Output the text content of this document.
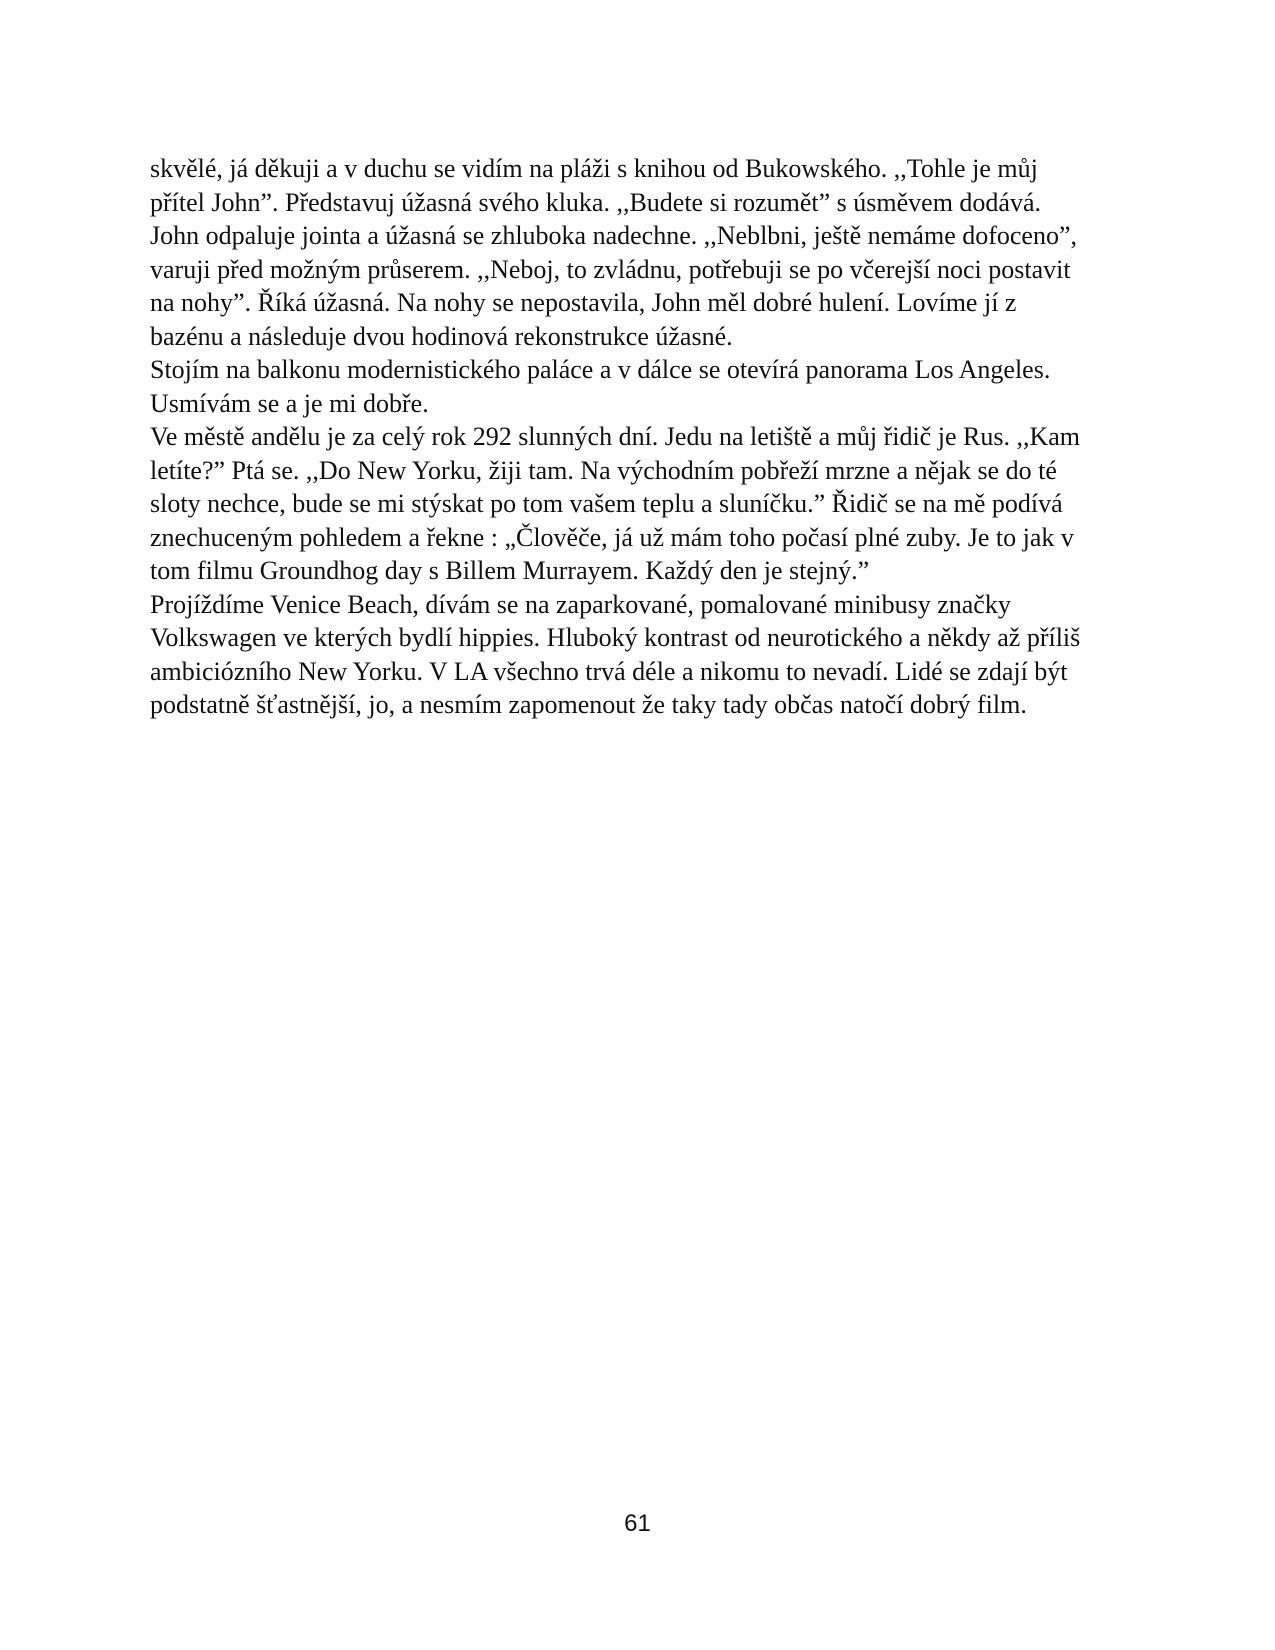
skvělé, já děkuji a v duchu se vidím na pláži s knihou od Bukowského. ,,Tohle je můj
přítel John”. Představuj úžasná svého kluka. ,,Budete si rozumět” s úsměvem dodává.
John odpaluje jointa a úžasná se zhluboka nadechne. ,,Neblbni, ještě nemáme dofoceno”,
varuji před možným průserem. ,,Neboj, to zvládnu, potřebuji se po včerejší noci postavit
na nohy”. Říká úžasná. Na nohy se nepostavila, John měl dobré hulení. Lovíme jí z
bazénu a následuje dvou hodinová rekonstrukce úžasné.
Stojím na balkonu modernistického paláce a v dálce se otevírá panorama Los Angeles.
Usmívám se a je mi dobře.
Ve městě andělu je za celý rok 292 slunných dní. Jedu na letiště a můj řidič je Rus. ,,Kam
letíte?” Ptá se. ,,Do New Yorku, žiji tam. Na východním pobřeží mrzne a nějak se do té
sloty nechce, bude se mi stýskat po tom vašem teplu a sluníčku.” Řidič se na mě podívá
znechuceným pohledem a řekne : „Člověče, já už mám toho počasí plné zuby. Je to jak v
tom filmu Groundhog day s Billem Murrayem. Každý den je stejný.”
Projíždíme Venice Beach, dívám se na zaparkované, pomalované minibusy značky
Volkswagen ve kterých bydlí hippies. Hluboký kontrast od neurotického a někdy až příliš
ambiciózního New Yorku. V LA všechno trvá déle a nikomu to nevadí. Lidé se zdají být
podstatně šťastnější, jo, a nesmím zapomenout že taky tady občas natočí dobrý film.
61
